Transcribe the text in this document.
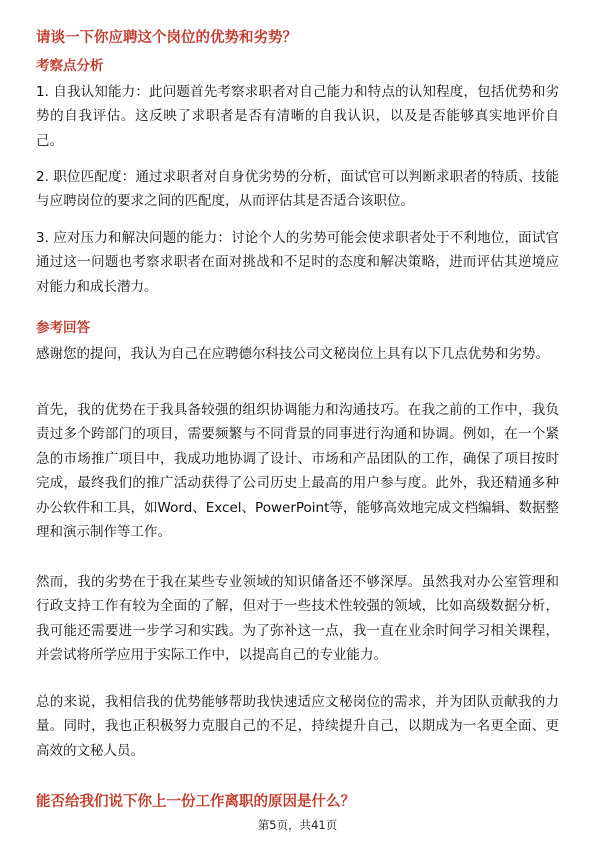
请谈一下你应聘这个岗位的优势和劣势？
考察点分析

1. 自我认知能力：此问题首先考察求职者对自己能力和特点的认知程度，包括优势和劣势的自我评估。这反映了求职者是否有清晰的自我认识，以及是否能够真实地评价自己。

2. 职位匹配度：通过求职者对自身优劣势的分析，面试官可以判断求职者的特质、技能与应聘岗位的要求之间的匹配度，从而评估其是否适合该职位。

3. 应对压力和解决问题的能力：讨论个人的劣势可能会使求职者处于不利地位，面试官通过这一问题也考察求职者在面对挑战和不足时的态度和解决策略，进而评估其逆境应对能力和成长潜力。

参考回答

感谢您的提问，我认为自己在应聘德尔科技公司文秘岗位上具有以下几点优势和劣势。

首先，我的优势在于我具备较强的组织协调能力和沟通技巧。在我之前的工作中，我负责过多个跨部门的项目，需要频繁与不同背景的同事进行沟通和协调。例如，在一个紧急的市场推广项目中，我成功地协调了设计、市场和产品团队的工作，确保了项目按时完成，最终我们的推广活动获得了公司历史上最高的用户参与度。此外，我还精通多种办公软件和工具，如Word、Excel、PowerPoint等，能够高效地完成文档编辑、数据整理和演示制作等工作。

然而，我的劣势在于我在某些专业领域的知识储备还不够深厚。虽然我对办公室管理和行政支持工作有较为全面的了解，但对于一些技术性较强的领域，比如高级数据分析，我可能还需要进一步学习和实践。为了弥补这一点，我一直在业余时间学习相关课程，并尝试将所学应用于实际工作中，以提高自己的专业能力。

总的来说，我相信我的优势能够帮助我快速适应文秘岗位的需求，并为团队贡献我的力量。同时，我也正积极努力克服自己的不足，持续提升自己，以期成为一名更全面、更高效的文秘人员。

能否给我们说下你上一份工作离职的原因是什么？
第5页，共41页
